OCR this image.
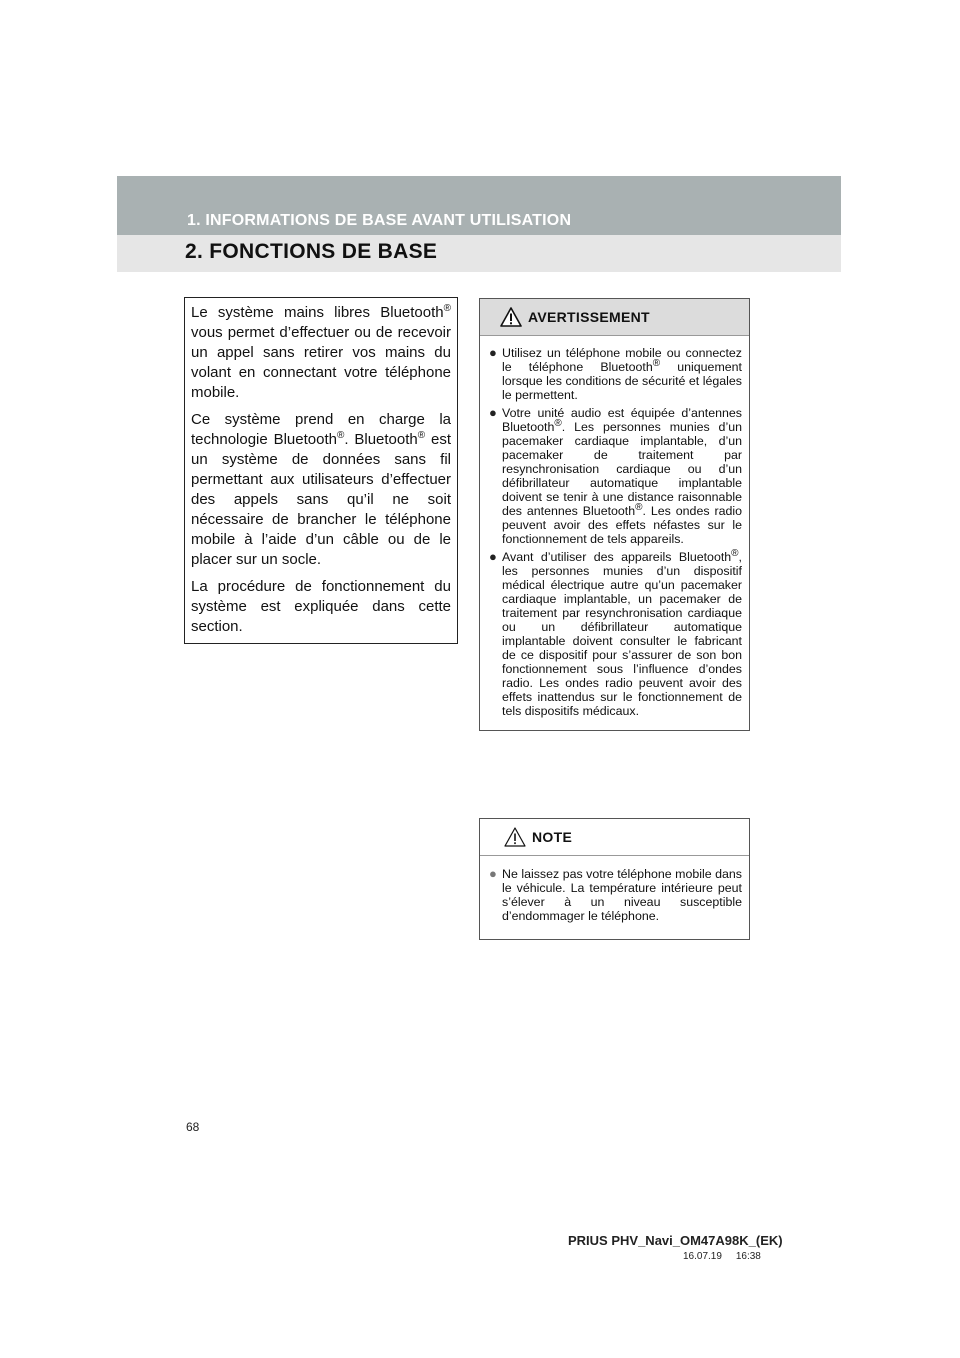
1. INFORMATIONS DE BASE AVANT UTILISATION
2. FONCTIONS DE BASE

Le système mains libres Bluetooth® vous permet d’effectuer ou de recevoir un appel sans retirer vos mains du volant en connectant votre téléphone mobile.

Ce système prend en charge la technologie Bluetooth®. Bluetooth® est un système de données sans fil permettant aux utilisateurs d’effectuer des appels sans qu’il ne soit nécessaire de brancher le téléphone mobile à l’aide d’un câble ou de le placer sur un socle.

La procédure de fonctionnement du système est expliquée dans cette section.

AVERTISSEMENT
● Utilisez un téléphone mobile ou connectez le téléphone Bluetooth® uniquement lorsque les conditions de sécurité et légales le permettent.
● Votre unité audio est équipée d’antennes Bluetooth®. Les personnes munies d’un pacemaker cardiaque implantable, d’un pacemaker de traitement par resynchronisation cardiaque ou d’un défibrillateur automatique implantable doivent se tenir à une distance raisonnable des antennes Bluetooth®. Les ondes radio peuvent avoir des effets néfastes sur le fonctionnement de tels appareils.
● Avant d’utiliser des appareils Bluetooth®, les personnes munies d’un dispositif médical électrique autre qu’un pacemaker cardiaque implantable, un pacemaker de traitement par resynchronisation cardiaque ou un défibrillateur automatique implantable doivent consulter le fabricant de ce dispositif pour s’assurer de son bon fonctionnement sous l’influence d’ondes radio. Les ondes radio peuvent avoir des effets inattendus sur le fonctionnement de tels dispositifs médicaux.
NOTE
● Ne laissez pas votre téléphone mobile dans le véhicule. La température intérieure peut s’élever à un niveau susceptible d’endommager le téléphone.
68
PRIUS PHV_Navi_OM47A98K_(EK)
16.07.19     16:38
